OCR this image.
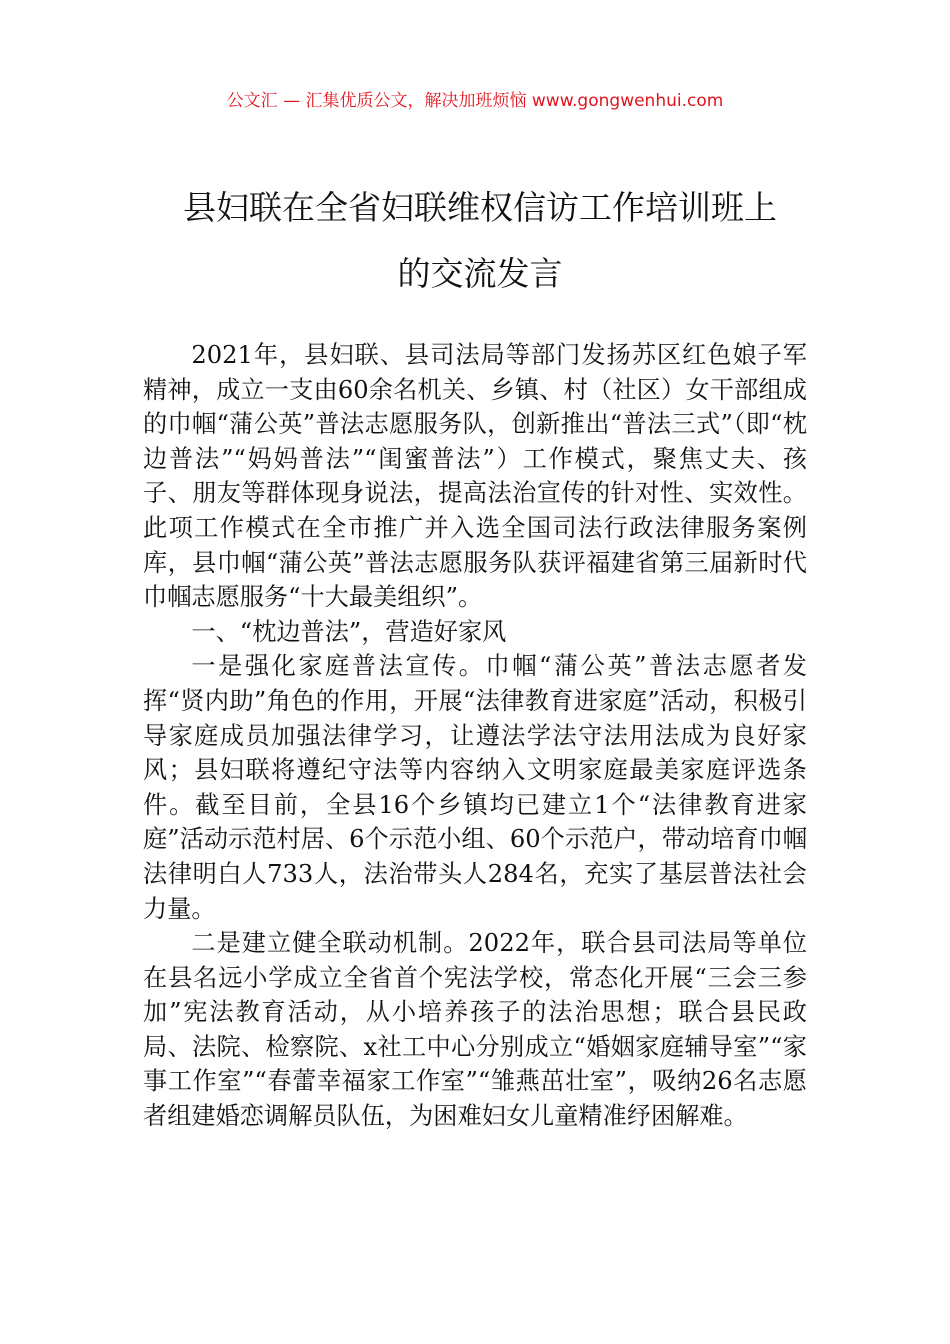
公文汇 — 汇集优质公文，解决加班烦恼 www.gongwenhui.com
县妇联在全省妇联维权信访工作培训班上
的交流发言

2021年，县妇联、县司法局等部门发扬苏区红色娘子军精神，成立一支由60余名机关、乡镇、村（社区）女干部组成的巾帼“蒲公英”普法志愿服务队，创新推出“普法三式”（即“枕边普法”“妈妈普法”“闺蜜普法”）工作模式，聚焦丈夫、孩子、朋友等群体现身说法，提高法治宣传的针对性、实效性。此项工作模式在全市推广并入选全国司法行政法律服务案例库，县巾帼“蒲公英”普法志愿服务队获评福建省第三届新时代巾帼志愿服务“十大最美组织”。

一、“枕边普法”，营造好家风

一是强化家庭普法宣传。巾帼“蒲公英”普法志愿者发挥“贤内助”角色的作用，开展“法律教育进家庭”活动，积极引导家庭成员加强法律学习，让遵法学法守法用法成为良好家风；县妇联将遵纪守法等内容纳入文明家庭最美家庭评选条件。截至目前，全县16个乡镇均已建立1个“法律教育进家庭”活动示范村居、6个示范小组、60个示范户，带动培育巾帼法律明白人733人，法治带头人284名，充实了基层普法社会力量。

二是建立健全联动机制。2022年，联合县司法局等单位在县名远小学成立全省首个宪法学校，常态化开展“三会三参加”宪法教育活动，从小培养孩子的法治思想；联合县民政局、法院、检察院、x社工中心分别成立“婚姻家庭辅导室”“家事工作室”“春蕾幸福家工作室”“雏燕茁壮室”，吸纳26名志愿者组建婚恋调解员队伍，为困难妇女儿童精准纾困解难。
